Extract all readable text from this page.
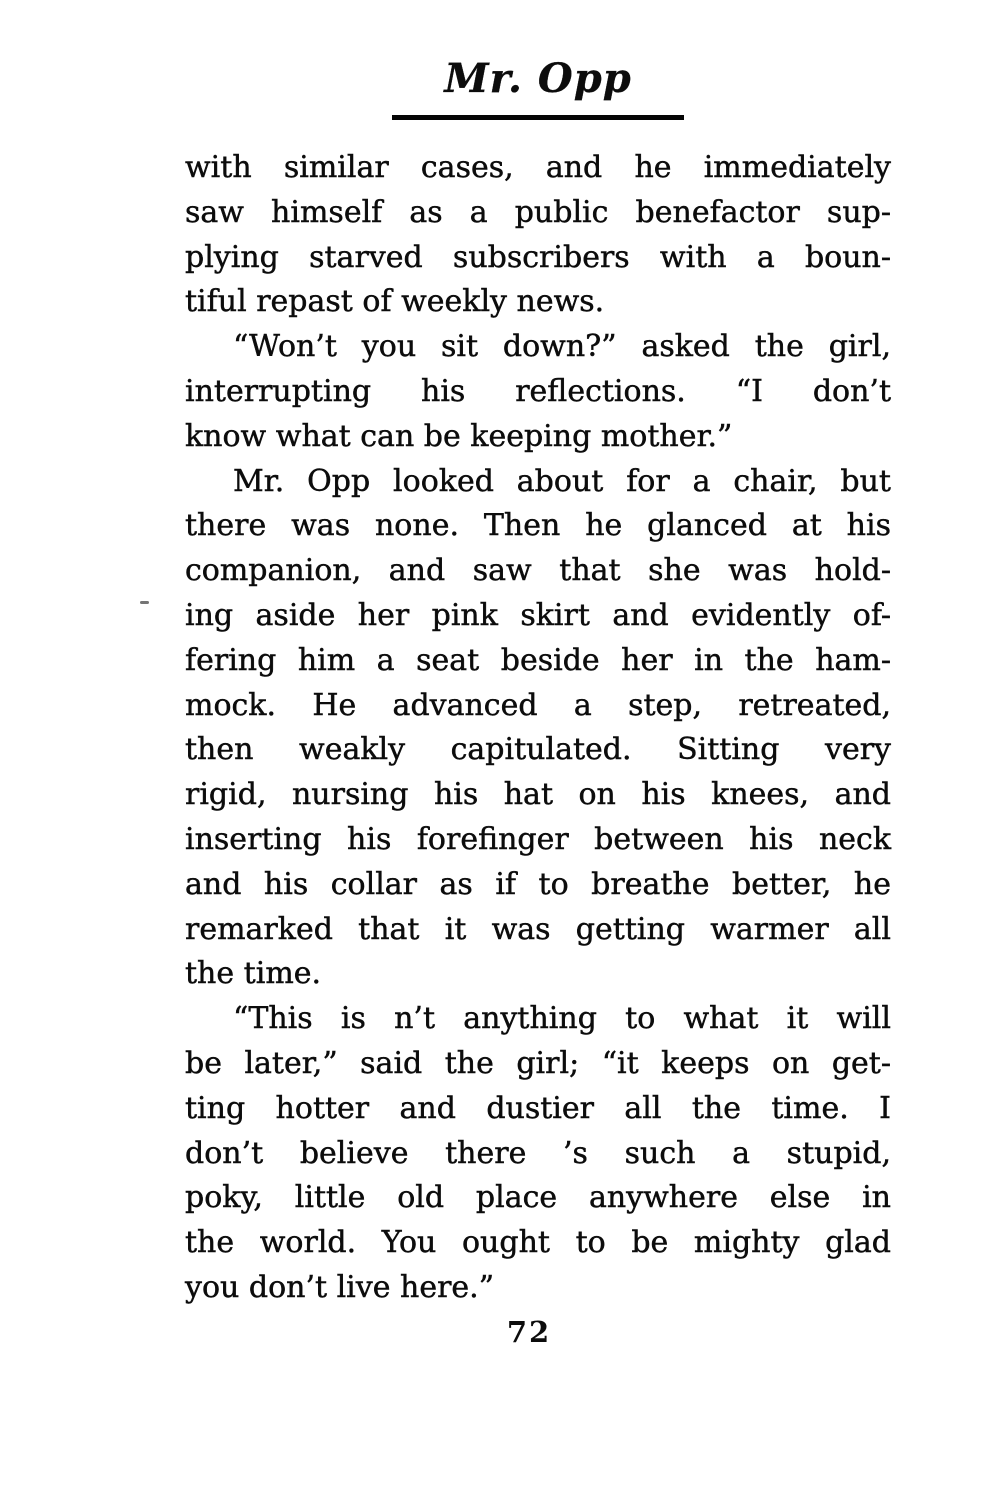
Mr. Opp
with similar cases, and he immediately
saw himself as a public benefactor sup-
plying starved subscribers with a boun-
tiful repast of weekly news.
“Won’t you sit down?” asked the girl,
interrupting his reflections. “I don’t
know what can be keeping mother.”
Mr. Opp looked about for a chair, but
there was none. Then he glanced at his
companion, and saw that she was hold-
ing aside her pink skirt and evidently of-
fering him a seat beside her in the ham-
mock. He advanced a step, retreated,
then weakly capitulated. Sitting very
rigid, nursing his hat on his knees, and
inserting his forefinger between his neck
and his collar as if to breathe better, he
remarked that it was getting warmer all
the time.
“This is n’t anything to what it will
be later,” said the girl; “it keeps on get-
ting hotter and dustier all the time. I
don’t believe there ’s such a stupid,
poky, little old place anywhere else in
the world. You ought to be mighty glad
you don’t live here.”
72
